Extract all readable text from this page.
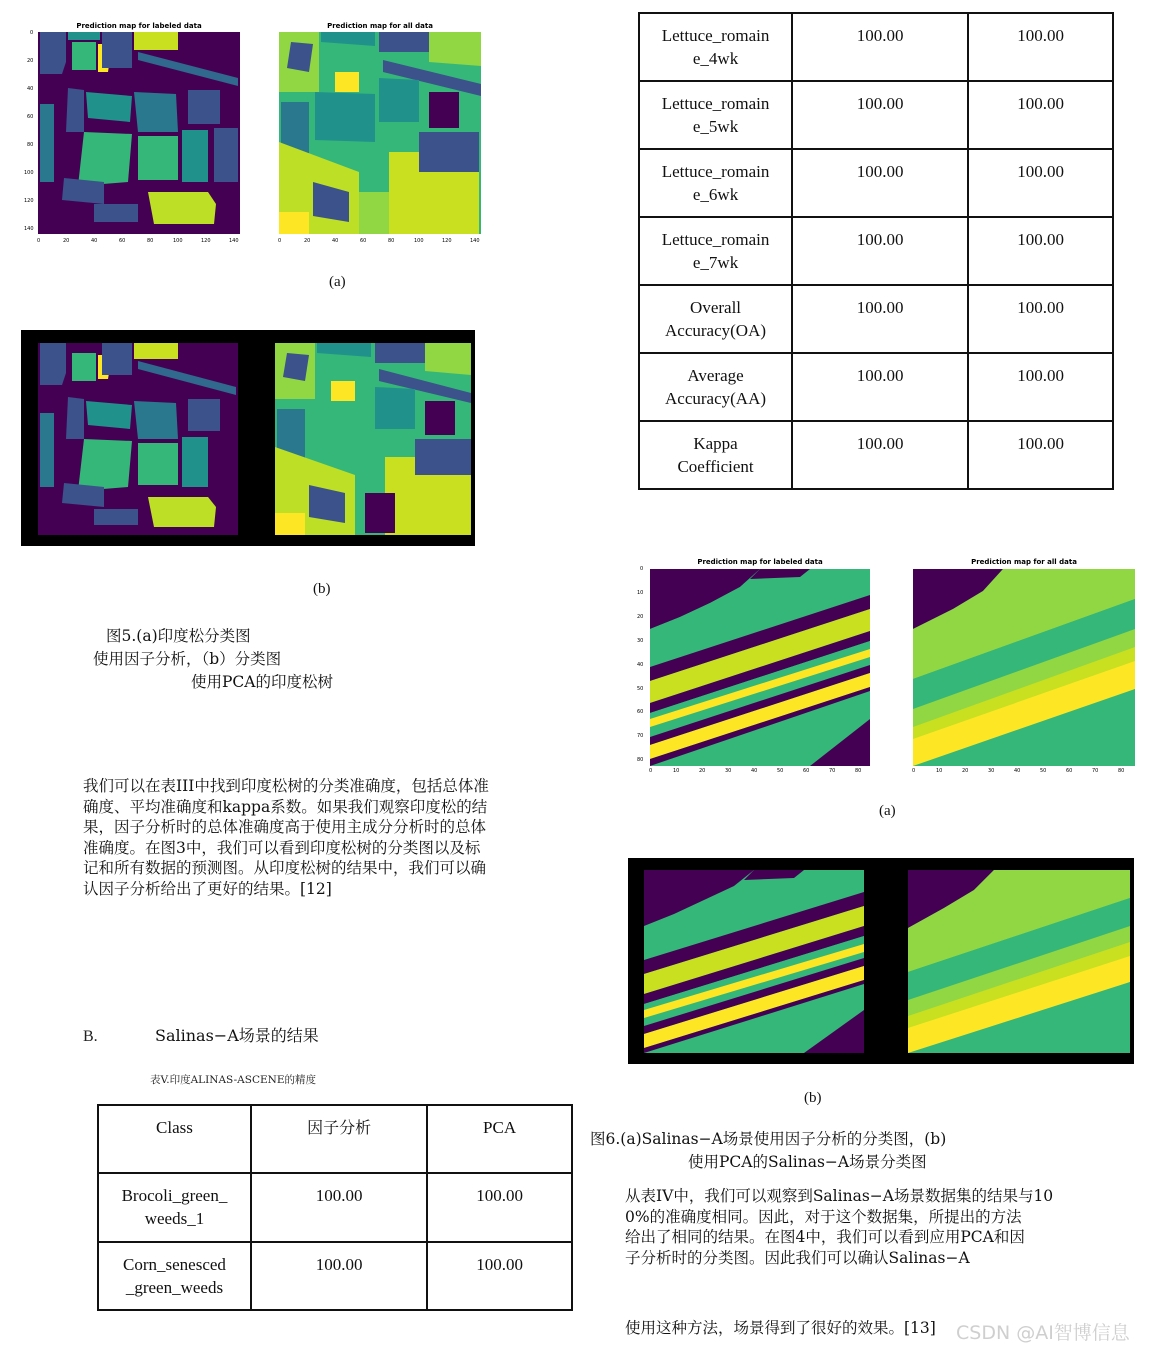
Prediction map for labeled data	Prediction map for all data
0
20
40
60
80
100
120
140
0	20	40	60	80	100	120	140	0	20	40	60	80	100	120	140
(a)
(b)
图5.(a)印度松分类图
使用因子分析，（b）分类图
使用PCA的印度松树
我们可以在表III中找到印度松树的分类准确度，包括总体准
确度、平均准确度和kappa系数。如果我们观察印度松的结
果，因子分析时的总体准确度高于使用主成分分析时的总体
准确度。在图3中，我们可以看到印度松树的分类图以及标
记和所有数据的预测图。从印度松树的结果中，我们可以确
认因子分析给出了更好的结果。[12]
B.	Salinas−A场景的结果
表V.印度ALINAS-ASCENE的精度
Class	因子分析	PCA
Brocoli_green_
weeds_1	100.00	100.00
Corn_senesced
_green_weeds	100.00	100.00
Lettuce_romain
e_4wk	100.00	100.00
Lettuce_romain
e_5wk	100.00	100.00
Lettuce_romain
e_6wk	100.00	100.00
Lettuce_romain
e_7wk	100.00	100.00
Overall
Accuracy(OA)	100.00	100.00
Average
Accuracy(AA)	100.00	100.00
Kappa
Coefficient	100.00	100.00
Prediction map for labeled data	Prediction map for all data
0
10
20
30
40
50
60
70
80
0	10	20	30	40	50	60	70	80	0	10	20	30	40	50	60	70	80
(a)
(b)
图6.(a)Salinas−A场景使用因子分析的分类图，(b)
使用PCA的Salinas−A场景分类图
从表IV中，我们可以观察到Salinas−A场景数据集的结果与10
0%的准确度相同。因此，对于这个数据集，所提出的方法
给出了相同的结果。在图4中，我们可以看到应用PCA和因
子分析时的分类图。因此我们可以确认Salinas−A
使用这种方法，场景得到了很好的效果。[13] CSDN @AI智博信息
